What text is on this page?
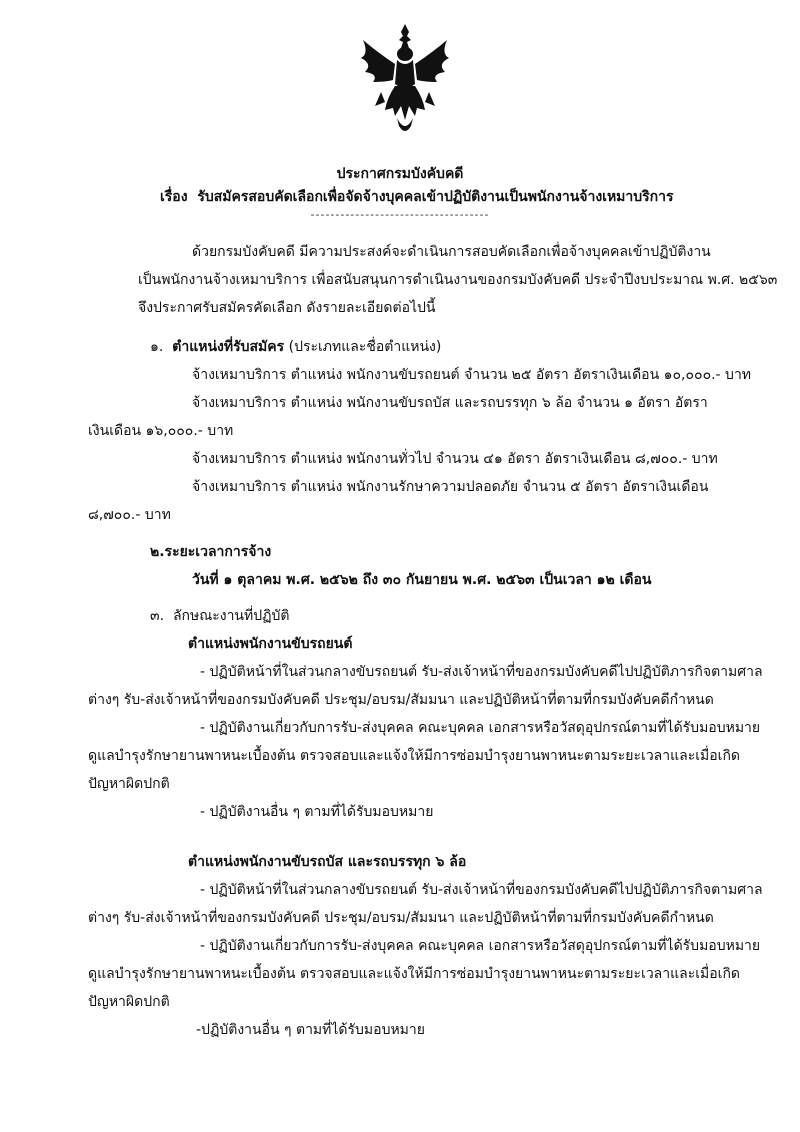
ประกาศกรมบังคับคดี
เรื่อง รับสมัครสอบคัดเลือกเพื่อจัดจ้างบุคคลเข้าปฏิบัติงานเป็นพนักงานจ้างเหมาบริการ
------------------------------------
ด้วยกรมบังคับคดี มีความประสงค์จะดำเนินการสอบคัดเลือกเพื่อจ้างบุคคลเข้าปฏิบัติงาน
เป็นพนักงานจ้างเหมาบริการ เพื่อสนับสนุนการดำเนินงานของกรมบังคับคดี ประจำปีงบประมาณ พ.ศ. ๒๕๖๓
จึงประกาศรับสมัครคัดเลือก ดังรายละเอียดต่อไปนี้
๑. ตำแหน่งที่รับสมัคร (ประเภทและชื่อตำแหน่ง)
จ้างเหมาบริการ ตำแหน่ง พนักงานขับรถยนต์ จำนวน ๒๕ อัตรา อัตราเงินเดือน ๑๐,๐๐๐.- บาท
จ้างเหมาบริการ ตำแหน่ง พนักงานขับรถบัส และรถบรรทุก ๖ ล้อ จำนวน ๑ อัตรา อัตรา
เงินเดือน ๑๖,๐๐๐.- บาท
จ้างเหมาบริการ ตำแหน่ง พนักงานทั่วไป จำนวน ๔๑ อัตรา อัตราเงินเดือน ๘,๗๐๐.- บาท
จ้างเหมาบริการ ตำแหน่ง พนักงานรักษาความปลอดภัย จำนวน ๕ อัตรา อัตราเงินเดือน
๘,๗๐๐.- บาท
๒.ระยะเวลาการจ้าง
วันที่ ๑ ตุลาคม พ.ศ. ๒๕๖๒ ถึง ๓๐ กันยายน พ.ศ. ๒๕๖๓ เป็นเวลา ๑๒ เดือน
๓. ลักษณะงานที่ปฏิบัติ
ตำแหน่งพนักงานขับรถยนต์
- ปฏิบัติหน้าที่ในส่วนกลางขับรถยนต์ รับ-ส่งเจ้าหน้าที่ของกรมบังคับคดีไปปฏิบัติภารกิจตามศาล
ต่างๆ รับ-ส่งเจ้าหน้าที่ของกรมบังคับคดี ประชุม/อบรม/สัมมนา และปฏิบัติหน้าที่ตามที่กรมบังคับคดีกำหนด
- ปฏิบัติงานเกี่ยวกับการรับ-ส่งบุคคล คณะบุคคล เอกสารหรือวัสดุอุปกรณ์ตามที่ได้รับมอบหมาย
ดูแลบำรุงรักษายานพาหนะเบื้องต้น ตรวจสอบและแจ้งให้มีการซ่อมบำรุงยานพาหนะตามระยะเวลาและเมื่อเกิด
ปัญหาผิดปกติ
- ปฏิบัติงานอื่น ๆ ตามที่ได้รับมอบหมาย
ตำแหน่งพนักงานขับรถบัส และรถบรรทุก ๖ ล้อ
- ปฏิบัติหน้าที่ในส่วนกลางขับรถยนต์ รับ-ส่งเจ้าหน้าที่ของกรมบังคับคดีไปปฏิบัติภารกิจตามศาล
ต่างๆ รับ-ส่งเจ้าหน้าที่ของกรมบังคับคดี ประชุม/อบรม/สัมมนา และปฏิบัติหน้าที่ตามที่กรมบังคับคดีกำหนด
- ปฏิบัติงานเกี่ยวกับการรับ-ส่งบุคคล คณะบุคคล เอกสารหรือวัสดุอุปกรณ์ตามที่ได้รับมอบหมาย
ดูแลบำรุงรักษายานพาหนะเบื้องต้น ตรวจสอบและแจ้งให้มีการซ่อมบำรุงยานพาหนะตามระยะเวลาและเมื่อเกิด
ปัญหาผิดปกติ
-ปฏิบัติงานอื่น ๆ ตามที่ได้รับมอบหมาย
